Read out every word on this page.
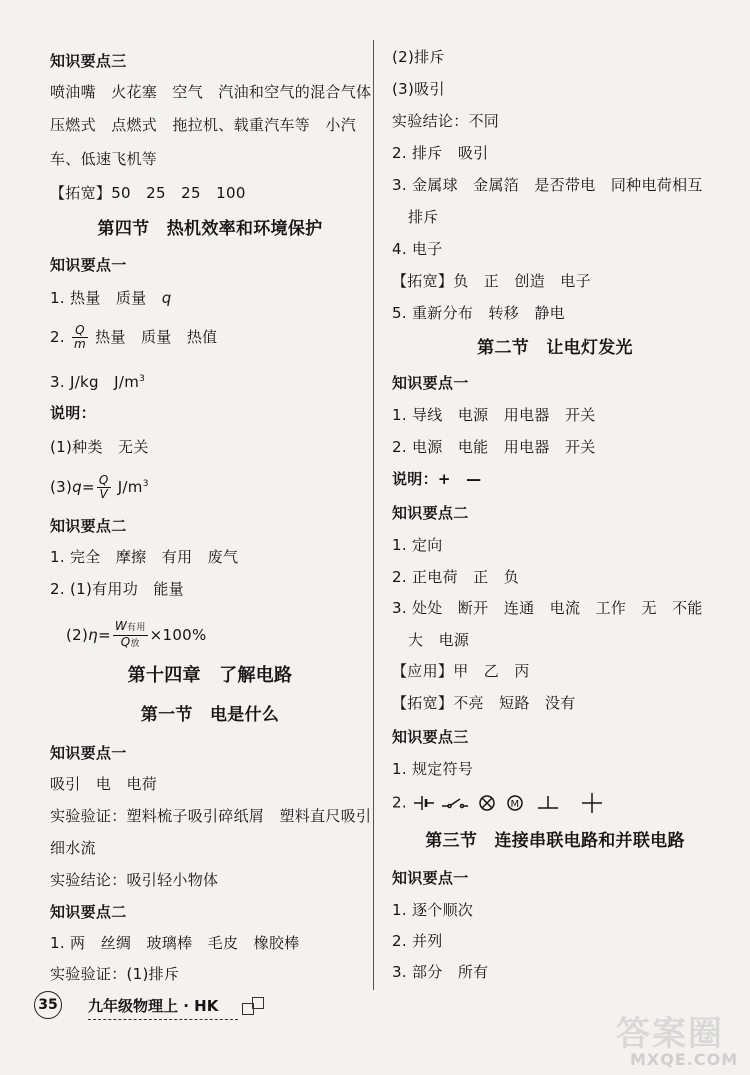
知识要点三
喷油嘴　火花塞　空气　汽油和空气的混合气体
压燃式　点燃式　拖拉机、载重汽车等　小汽
车、低速飞机等
【拓宽】50　25　25　100
第四节　热机效率和环境保护
知识要点一
1. 热量　质量　q
2. $\frac{Q}{m}$ 热量　质量　热值
3. J/kg　$J/m^3$
说明：
(1)种类　无关
$(3)q= \frac{Q}{V} J/m^3$
知识要点二
1. 完全　摩擦　有用　废气
2. (1)有用功　能量
$(2)\eta= \frac{\text{W有用}}{\text{Q放}} \times 100\%$
第十四章　了解电路
第一节　电是什么
知识要点一
吸引　电　电荷
实验验证：塑料梳子吸引碎纸屑　塑料直尺吸引
细水流
实验结论：吸引轻小物体
知识要点二
1. 两　丝绸　玻璃棒　毛皮　橡胶棒
实验验证：(1)排斥
(2)排斥
(3)吸引
实验结论：不同
2. 排斥　吸引
3. 金属球　金属箔　是否带电　同种电荷相互
排斥
4. 电子
【拓宽】负　正　创造　电子
5. 重新分布　转移　静电
第二节　让电灯发光
知识要点一
1. 导线　电源　用电器　开关
2. 电源　电能　用电器　开关
说明：+　—
知识要点二
1. 定向
2. 正电荷　正　负
3. 处处　断开　连通　电流　工作　无　不能
大　电源
【应用】甲　乙　丙
【拓宽】不亮　短路　没有
知识要点三
1. 规定符号
2.	M
第三节　连接串联电路和并联电路
知识要点一
1. 逐个顺次
2. 并列
3. 部分　所有
35 九年级物理上 · HK
答案圈
MXQE.COM
